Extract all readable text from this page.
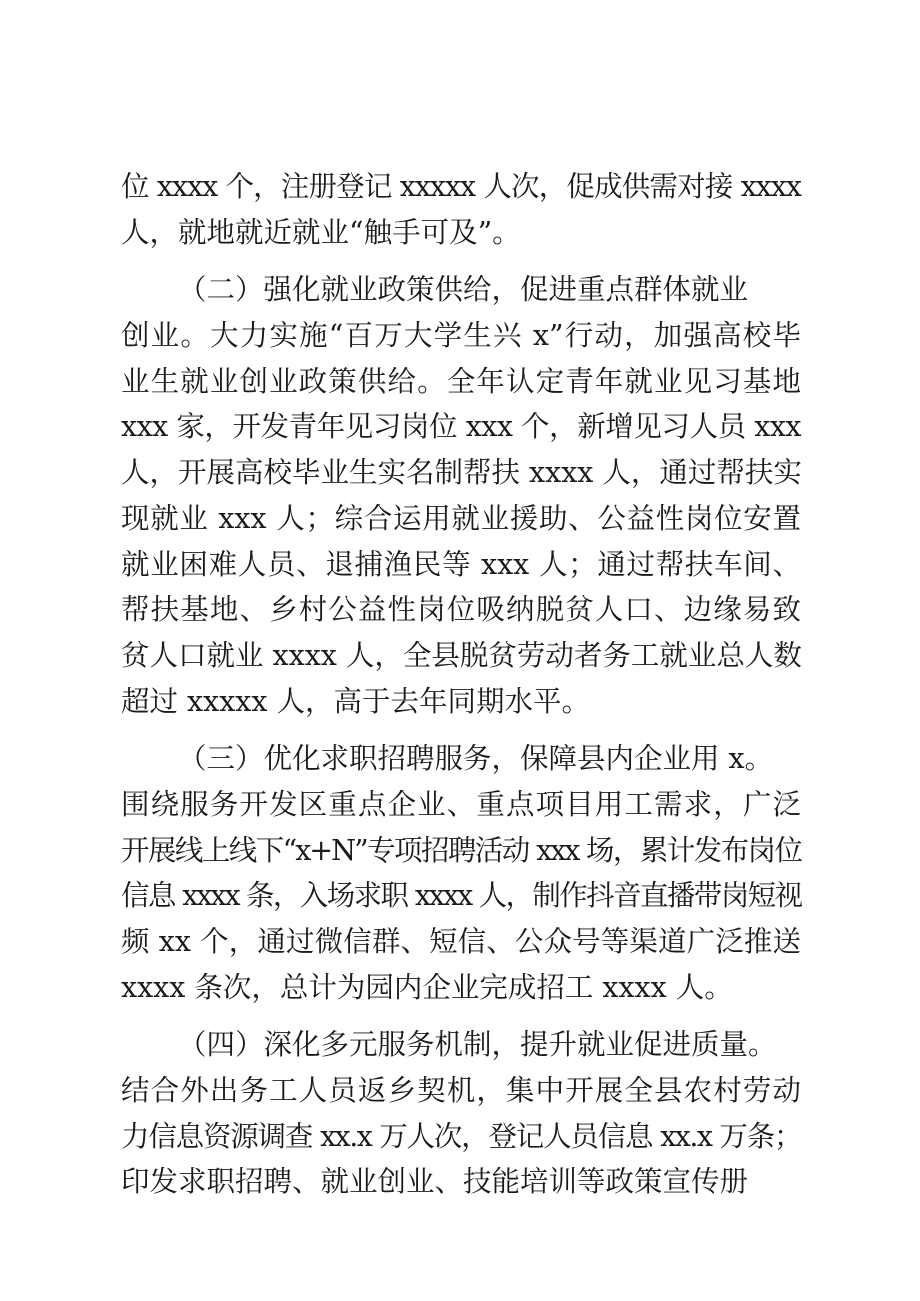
位 xxxx 个，注册登记 xxxxx 人次，促成供需对接 xxxx
人，就地就近就业“触手可及”。
（二）强化就业政策供给，促进重点群体就业
创业。大力实施“百万大学生兴 x”行动，加强高校毕
业生就业创业政策供给。全年认定青年就业见习基地
xxx 家，开发青年见习岗位 xxx 个，新增见习人员 xxx
人，开展高校毕业生实名制帮扶 xxxx 人，通过帮扶实
现就业 xxx 人；综合运用就业援助、公益性岗位安置
就业困难人员、退捕渔民等 xxx 人；通过帮扶车间、
帮扶基地、乡村公益性岗位吸纳脱贫人口、边缘易致
贫人口就业 xxxx 人，全县脱贫劳动者务工就业总人数
超过 xxxxx 人，高于去年同期水平。
（三）优化求职招聘服务，保障县内企业用 x。
围绕服务开发区重点企业、重点项目用工需求，广泛
开展线上线下“x+N”专项招聘活动 xxx 场，累计发布岗位
信息 xxxx 条，入场求职 xxxx 人，制作抖音直播带岗短视
频 xx 个，通过微信群、短信、公众号等渠道广泛推送
xxxx 条次，总计为园内企业完成招工 xxxx 人。
（四）深化多元服务机制，提升就业促进质量。
结合外出务工人员返乡契机，集中开展全县农村劳动
力信息资源调查 xx.x 万人次，登记人员信息 xx.x 万条；
印发求职招聘、就业创业、技能培训等政策宣传册
